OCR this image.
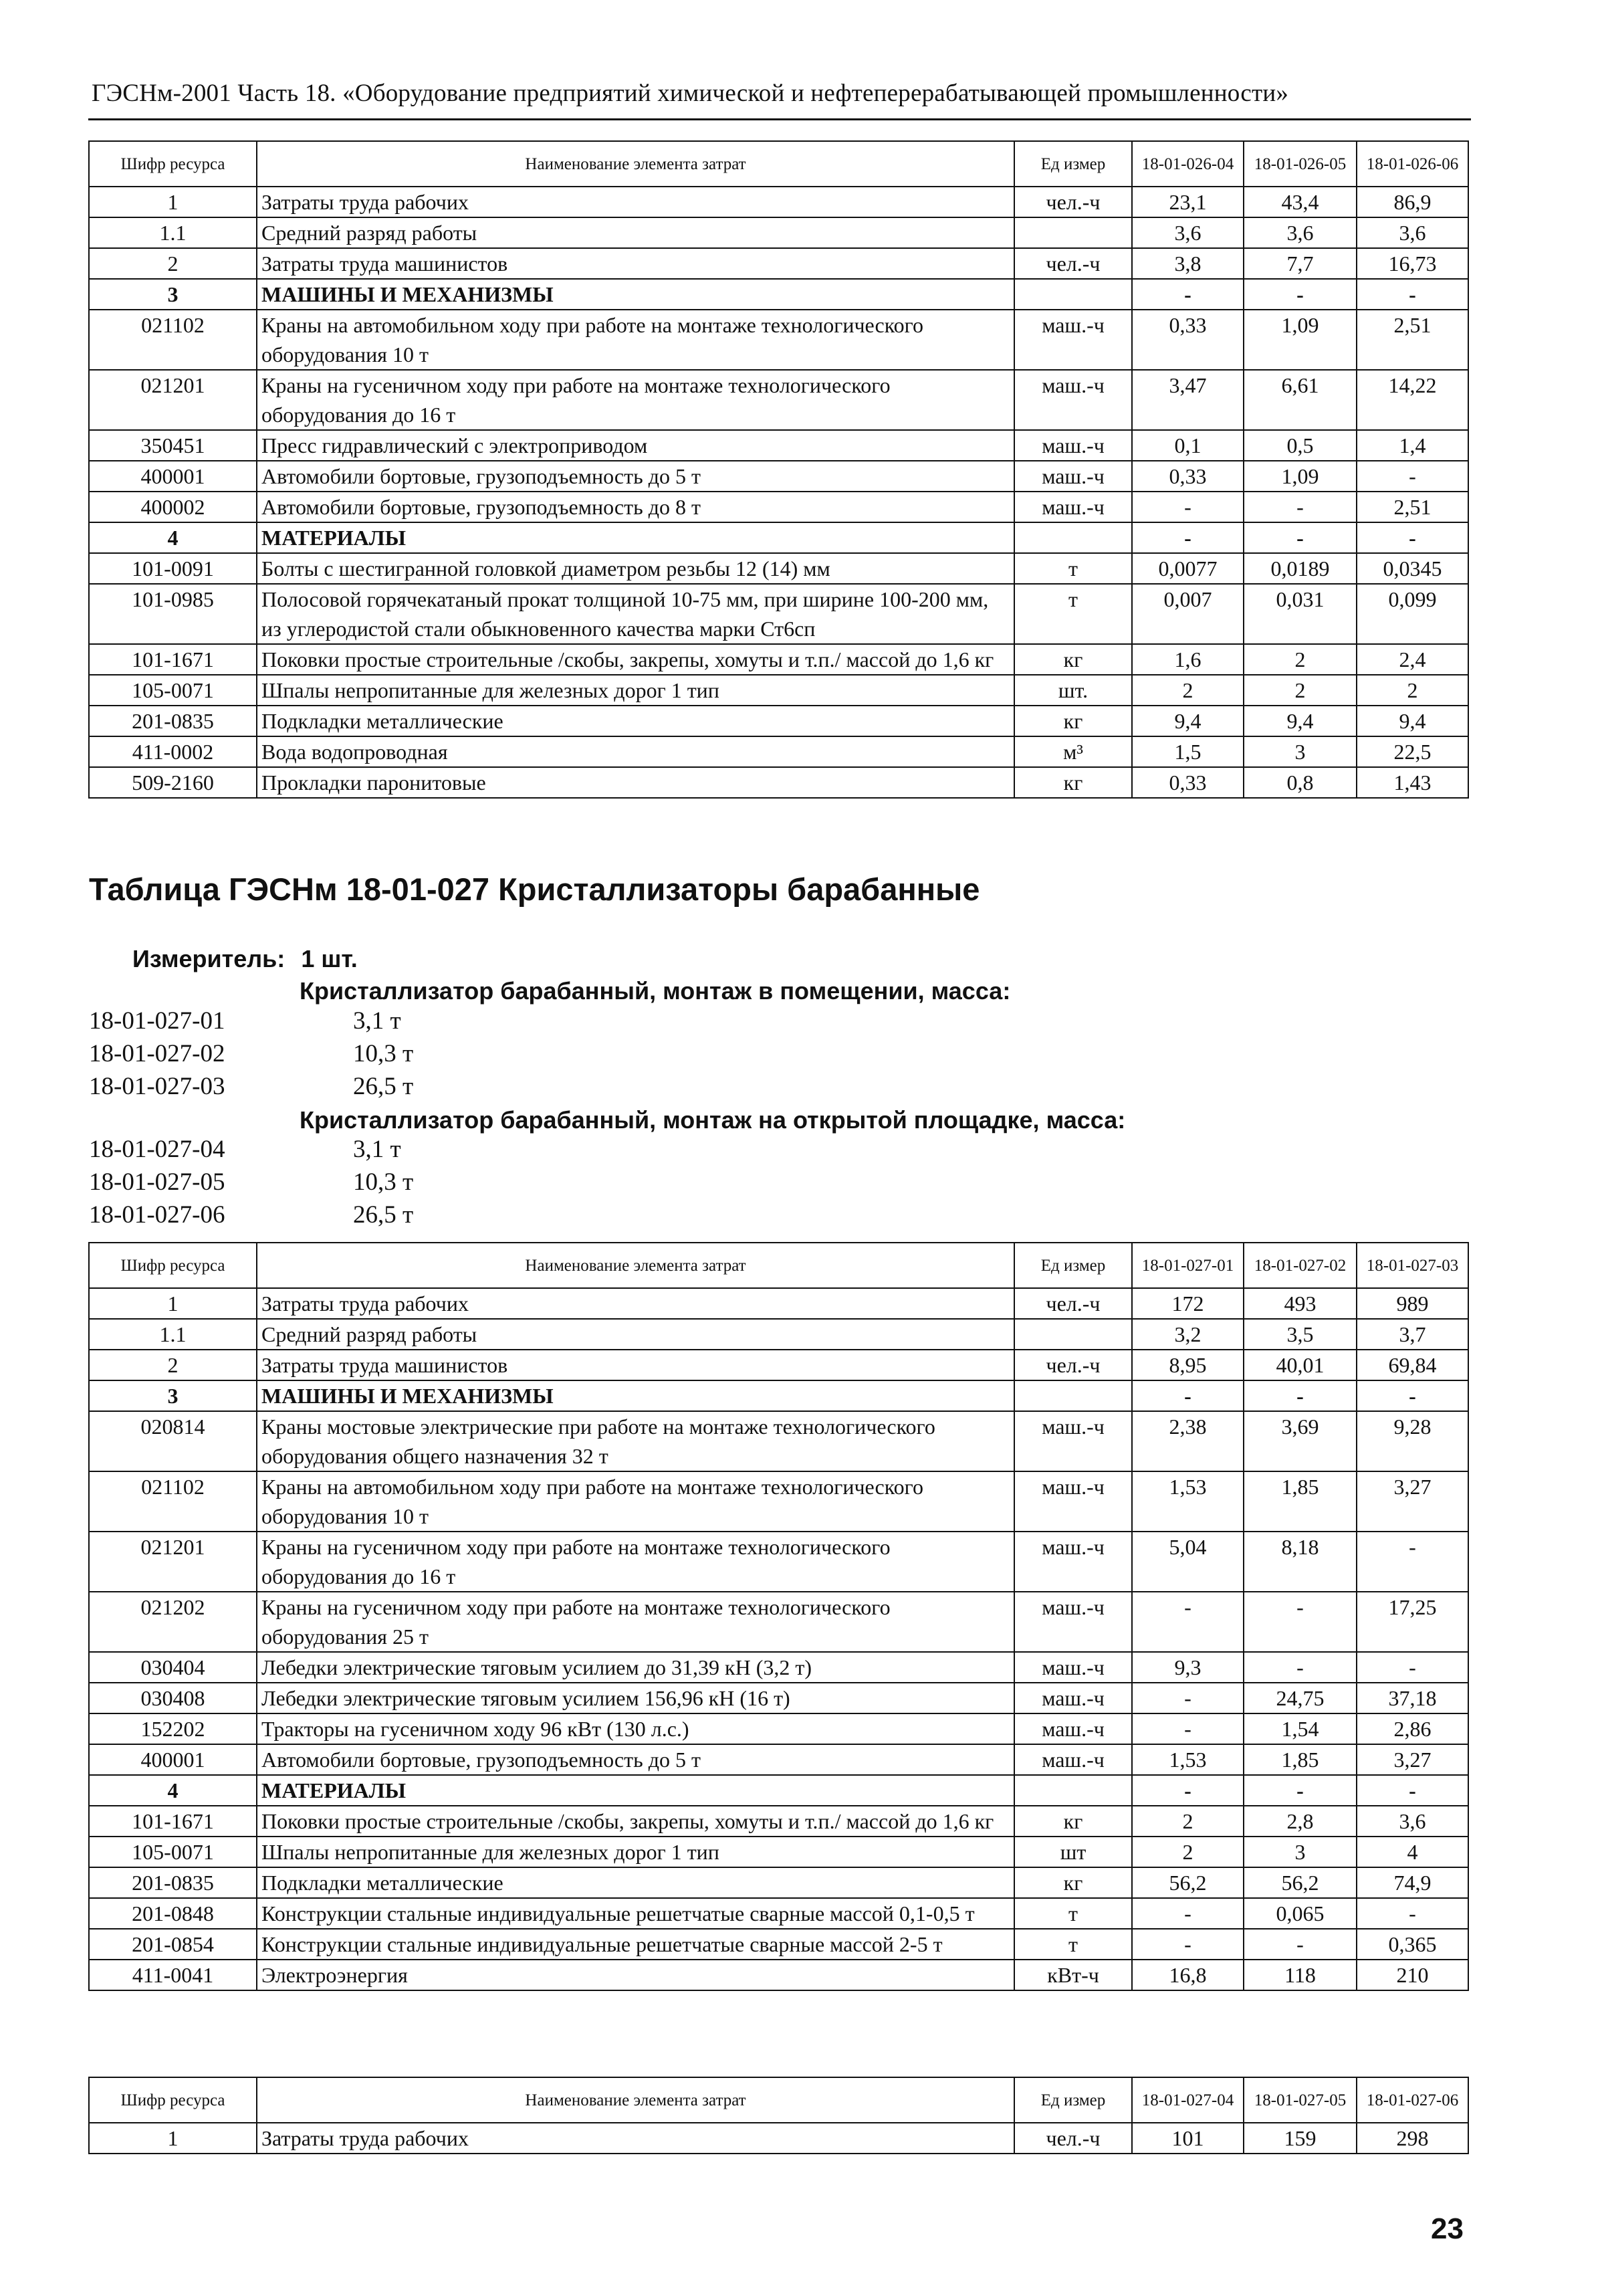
ГЭСНм-2001 Часть 18. «Оборудование предприятий химической и нефтеперерабатывающей промышленности»
Шифр ресурса	Наименование элемента затрат	Ед измер	18-01-026-04	18-01-026-05	18-01-026-06
1	Затраты труда рабочих	чел.-ч	23,1	43,4	86,9
1.1	Средний разряд работы		3,6	3,6	3,6
2	Затраты труда машинистов	чел.-ч	3,8	7,7	16,73
3	МАШИНЫ И МЕХАНИЗМЫ		-	-	-
021102	Краны на автомобильном ходу при работе на монтаже технологического оборудования 10 т	маш.-ч	0,33	1,09	2,51
021201	Краны на гусеничном ходу при работе на монтаже технологического оборудования до 16 т	маш.-ч	3,47	6,61	14,22
350451	Пресс гидравлический с электроприводом	маш.-ч	0,1	0,5	1,4
400001	Автомобили бортовые, грузоподъемность до 5 т	маш.-ч	0,33	1,09	-
400002	Автомобили бортовые, грузоподъемность до 8 т	маш.-ч	-	-	2,51
4	МАТЕРИАЛЫ		-	-	-
101-0091	Болты с шестигранной головкой диаметром резьбы 12 (14) мм	т	0,0077	0,0189	0,0345
101-0985	Полосовой горячекатаный прокат толщиной 10-75 мм, при ширине 100-200 мм, из углеродистой стали обыкновенного качества марки Ст6сп	т	0,007	0,031	0,099
101-1671	Поковки простые строительные /скобы, закрепы, хомуты и т.п./ массой до 1,6 кг	кг	1,6	2	2,4
105-0071	Шпалы непропитанные для железных дорог 1 тип	шт.	2	2	2
201-0835	Подкладки металлические	кг	9,4	9,4	9,4
411-0002	Вода водопроводная	м³	1,5	3	22,5
509-2160	Прокладки паронитовые	кг	0,33	0,8	1,43
Таблица ГЭСНм 18-01-027 Кристаллизаторы барабанные
Измеритель: 1 шт.
Кристаллизатор барабанный, монтаж в помещении, масса:
Кристаллизатор барабанный, монтаж на открытой площадке, масса:
18-01-027-01	3,1 т
18-01-027-02	10,3 т
18-01-027-03	26,5 т
18-01-027-04	3,1 т
18-01-027-05	10,3 т
18-01-027-06	26,5 т
Шифр ресурса	Наименование элемента затрат	Ед измер	18-01-027-01	18-01-027-02	18-01-027-03
1	Затраты труда рабочих	чел.-ч	172	493	989
1.1	Средний разряд работы		3,2	3,5	3,7
2	Затраты труда машинистов	чел.-ч	8,95	40,01	69,84
3	МАШИНЫ И МЕХАНИЗМЫ		-	-	-
020814	Краны мостовые электрические при работе на монтаже технологического оборудования общего назначения 32 т	маш.-ч	2,38	3,69	9,28
021102	Краны на автомобильном ходу при работе на монтаже технологического оборудования 10 т	маш.-ч	1,53	1,85	3,27
021201	Краны на гусеничном ходу при работе на монтаже технологического оборудования до 16 т	маш.-ч	5,04	8,18	-
021202	Краны на гусеничном ходу при работе на монтаже технологического оборудования 25 т	маш.-ч	-	-	17,25
030404	Лебедки электрические тяговым усилием до 31,39 кН (3,2 т)	маш.-ч	9,3	-	-
030408	Лебедки электрические тяговым усилием 156,96 кН (16 т)	маш.-ч	-	24,75	37,18
152202	Тракторы на гусеничном ходу 96 кВт (130 л.с.)	маш.-ч	-	1,54	2,86
400001	Автомобили бортовые, грузоподъемность до 5 т	маш.-ч	1,53	1,85	3,27
4	МАТЕРИАЛЫ		-	-	-
101-1671	Поковки простые строительные /скобы, закрепы, хомуты и т.п./ массой до 1,6 кг	кг	2	2,8	3,6
105-0071	Шпалы непропитанные для железных дорог 1 тип	шт	2	3	4
201-0835	Подкладки металлические	кг	56,2	56,2	74,9
201-0848	Конструкции стальные индивидуальные решетчатые сварные массой 0,1-0,5 т	т	-	0,065	-
201-0854	Конструкции стальные индивидуальные решетчатые сварные массой 2-5 т	т	-	-	0,365
411-0041	Электроэнергия	кВт-ч	16,8	118	210
Шифр ресурса	Наименование элемента затрат	Ед измер	18-01-027-04	18-01-027-05	18-01-027-06
1	Затраты труда рабочих	чел.-ч	101	159	298
23
